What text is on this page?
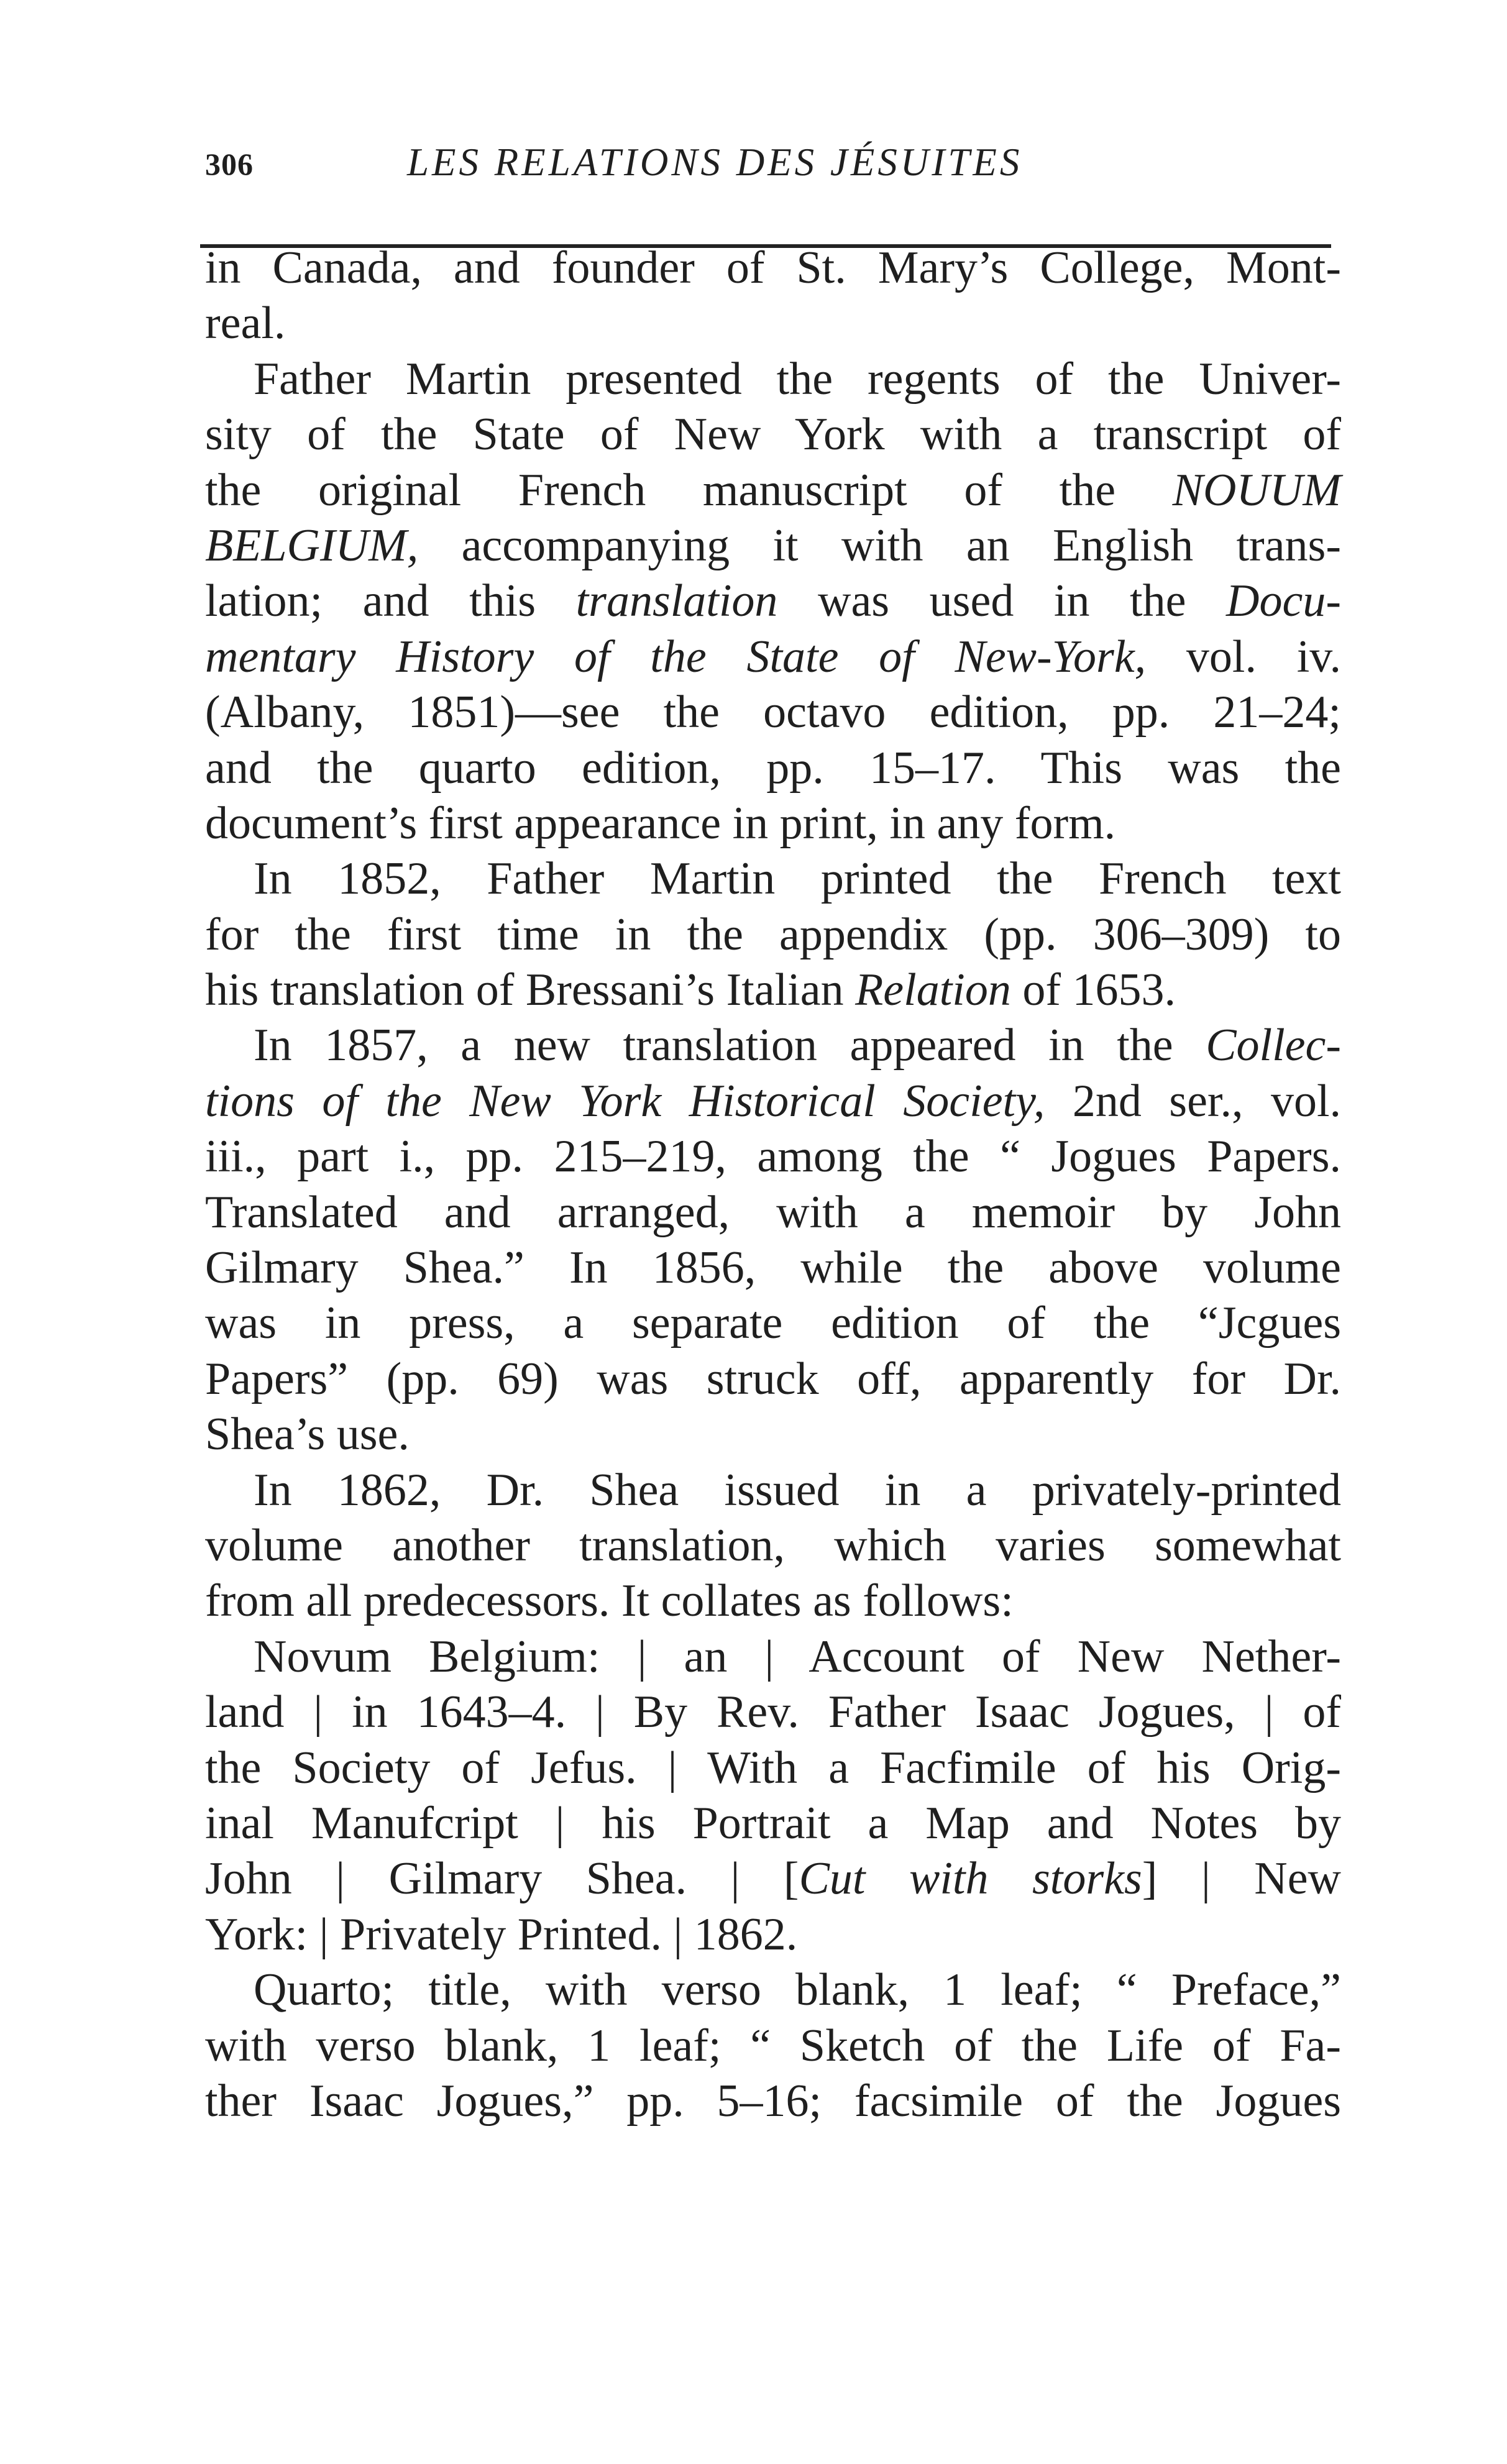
306	LES RELATIONS DES JÉSUITES
in Canada, and founder of St. Mary’s College, Mont-
real.
Father Martin presented the regents of the Univer-
sity of the State of New York with a transcript of
the original French manuscript of the NOUUM
BELGIUM, accompanying it with an English trans-
lation; and this translation was used in the Docu-
mentary History of the State of New-York, vol. iv.
(Albany, 1851)—see the octavo edition, pp. 21–24;
and the quarto edition, pp. 15–17. This was the
document’s first appearance in print, in any form.
In 1852, Father Martin printed the French text
for the first time in the appendix (pp. 306–309) to
his translation of Bressani’s Italian Relation of 1653.
In 1857, a new translation appeared in the Collec-
tions of the New York Historical Society, 2nd ser., vol.
iii., part i., pp. 215–219, among the “ Jogues Papers.
Translated and arranged, with a memoir by John
Gilmary Shea.” In 1856, while the above volume
was in press, a separate edition of the “Jcgues
Papers” (pp. 69) was struck off, apparently for Dr.
Shea’s use.
In 1862, Dr. Shea issued in a privately-printed
volume another translation, which varies somewhat
from all predecessors. It collates as follows:
Novum Belgium: | an | Account of New Nether-
land | in 1643–4. | By Rev. Father Isaac Jogues, | of
the Society of Jefus. | With a Facfimile of his Orig-
inal Manufcript | his Portrait a Map and Notes by
John | Gilmary Shea. | [Cut with storks] | New
York: | Privately Printed. | 1862.
Quarto; title, with verso blank, 1 leaf; “ Preface,”
with verso blank, 1 leaf; “ Sketch of the Life of Fa-
ther Isaac Jogues,” pp. 5–16; facsimile of the Jogues
